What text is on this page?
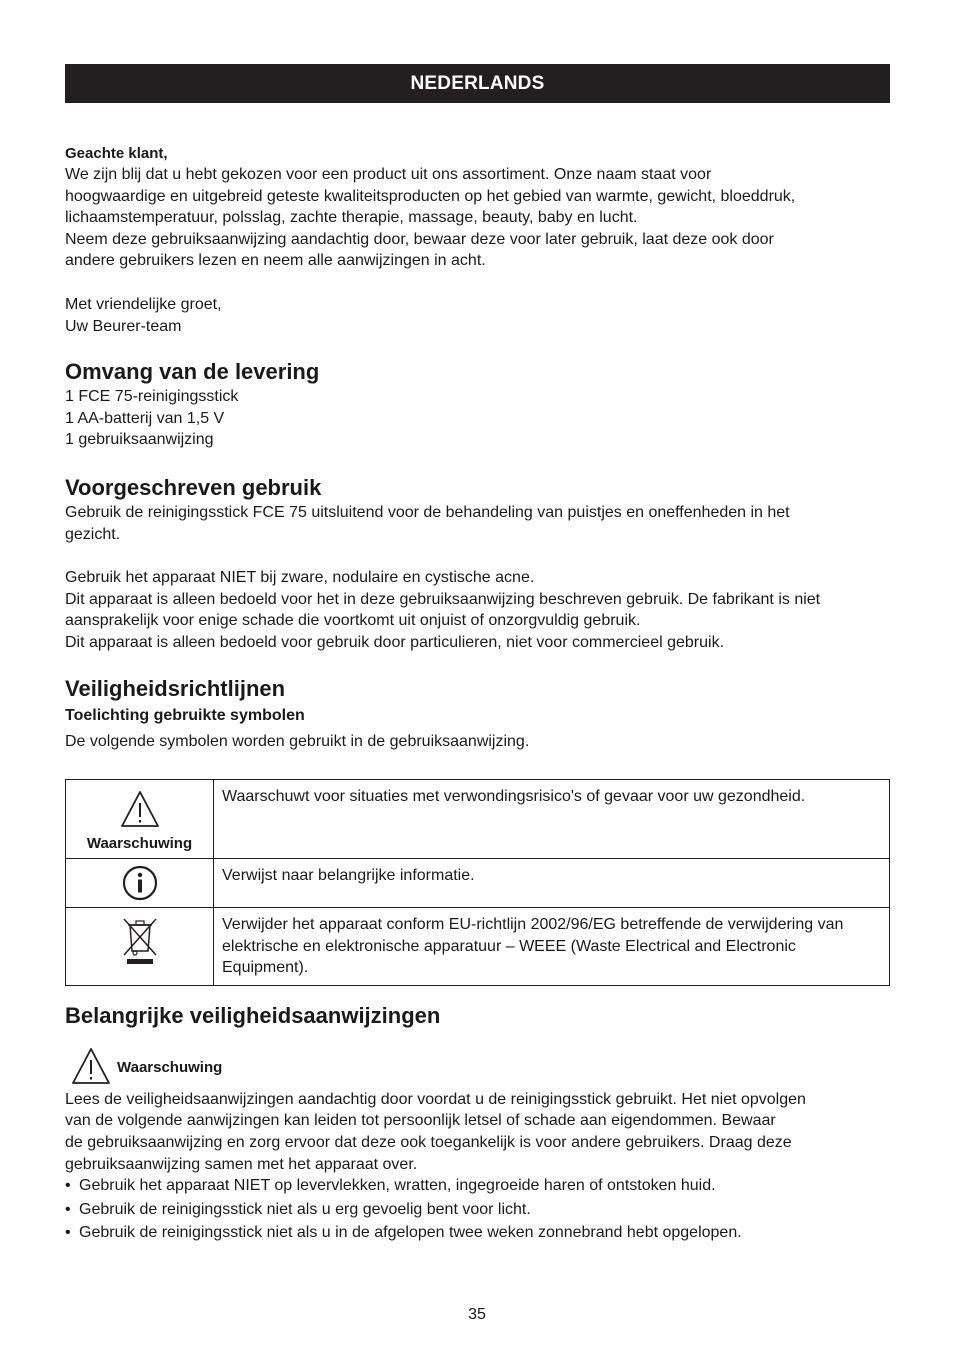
NEDERLANDS

Geachte klant,

We zijn blij dat u hebt gekozen voor een product uit ons assortiment. Onze naam staat voor

hoogwaardige en uitgebreid geteste kwaliteitsproducten op het gebied van warmte, gewicht, bloeddruk,

lichaamstemperatuur, polsslag, zachte therapie, massage, beauty, baby en lucht.

Neem deze gebruiksaanwijzing aandachtig door, bewaar deze voor later gebruik, laat deze ook door

andere gebruikers lezen en neem alle aanwijzingen in acht.

Met vriendelijke groet,

Uw Beurer-team

Omvang van de levering

1 FCE 75-reinigingsstick

1 AA-batterij van 1,5 V

1 gebruiksaanwijzing

Voorgeschreven gebruik

Gebruik de reinigingsstick FCE 75 uitsluitend voor de behandeling van puistjes en oneffenheden in het

gezicht.

Gebruik het apparaat NIET bij zware, nodulaire en cystische acne.

Dit apparaat is alleen bedoeld voor het in deze gebruiksaanwijzing beschreven gebruik. De fabrikant is niet

aansprakelijk voor enige schade die voortkomt uit onjuist of onzorgvuldig gebruik.

Dit apparaat is alleen bedoeld voor gebruik door particulieren, niet voor commercieel gebruik.

Veiligheidsrichtlijnen
Toelichting gebruikte symbolen

De volgende symbolen worden gebruikt in de gebruiksaanwijzing.

Waarschuwing	Waarschuwt voor situaties met verwondingsrisico's of gevaar voor uw gezondheid.
	Verwijst naar belangrijke informatie.
	Verwijder het apparaat conform EU-richtlijn 2002/96/EG betreffende de verwijdering van elektrische en elektronische apparatuur – WEEE (Waste Electrical and Electronic Equipment).
Belangrijke veiligheidsaanwijzingen
Waarschuwing

Lees de veiligheidsaanwijzingen aandachtig door voordat u de reinigingsstick gebruikt. Het niet opvolgen

van de volgende aanwijzingen kan leiden tot persoonlijk letsel of schade aan eigendommen. Bewaar

de gebruiksaanwijzing en zorg ervoor dat deze ook toegankelijk is voor andere gebruikers. Draag deze

gebruiksaanwijzing samen met het apparaat over.

• Gebruik het apparaat NIET op levervlekken, wratten, ingegroeide haren of ontstoken huid.
• Gebruik de reinigingsstick niet als u erg gevoelig bent voor licht.
• Gebruik de reinigingsstick niet als u in de afgelopen twee weken zonnebrand hebt opgelopen.
35
